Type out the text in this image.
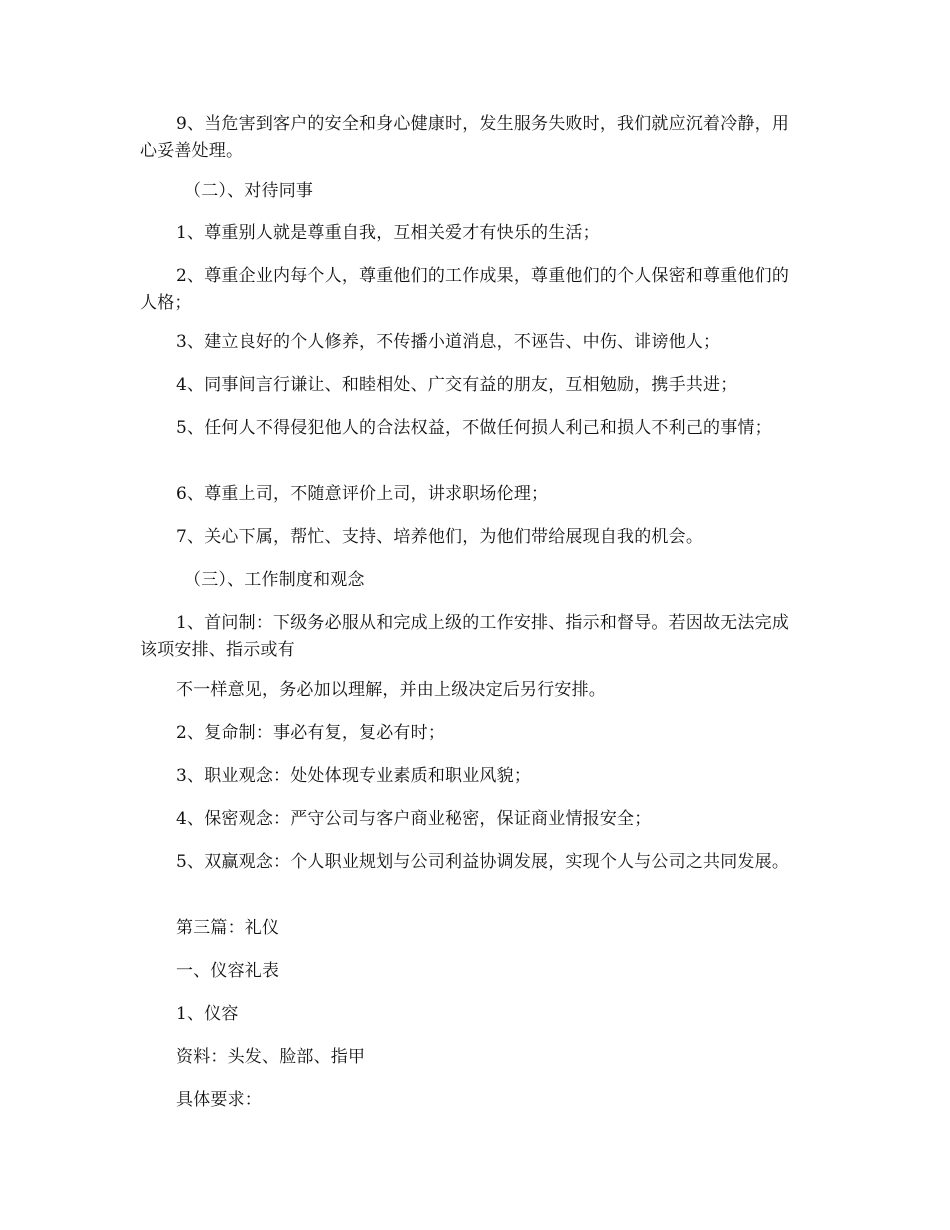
9、当危害到客户的安全和身心健康时，发生服务失败时，我们就应沉着冷静，用心妥善处理。

（二）、对待同事

1、尊重别人就是尊重自我，互相关爱才有快乐的生活；

2、尊重企业内每个人，尊重他们的工作成果，尊重他们的个人保密和尊重他们的人格；

3、建立良好的个人修养，不传播小道消息，不诬告、中伤、诽谤他人；

4、同事间言行谦让、和睦相处、广交有益的朋友，互相勉励，携手共进；

5、任何人不得侵犯他人的合法权益，不做任何损人利己和损人不利己的事情；

6、尊重上司，不随意评价上司，讲求职场伦理；

7、关心下属，帮忙、支持、培养他们，为他们带给展现自我的机会。

（三）、工作制度和观念

1、首问制：下级务必服从和完成上级的工作安排、指示和督导。若因故无法完成该项安排、指示或有

不一样意见，务必加以理解，并由上级决定后另行安排。

2、复命制：事必有复，复必有时；

3、职业观念：处处体现专业素质和职业风貌；

4、保密观念：严守公司与客户商业秘密，保证商业情报安全；

5、双赢观念：个人职业规划与公司利益协调发展，实现个人与公司之共同发展。

第三篇：礼仪

一、仪容礼表

1、仪容

资料：头发、脸部、指甲

具体要求：
